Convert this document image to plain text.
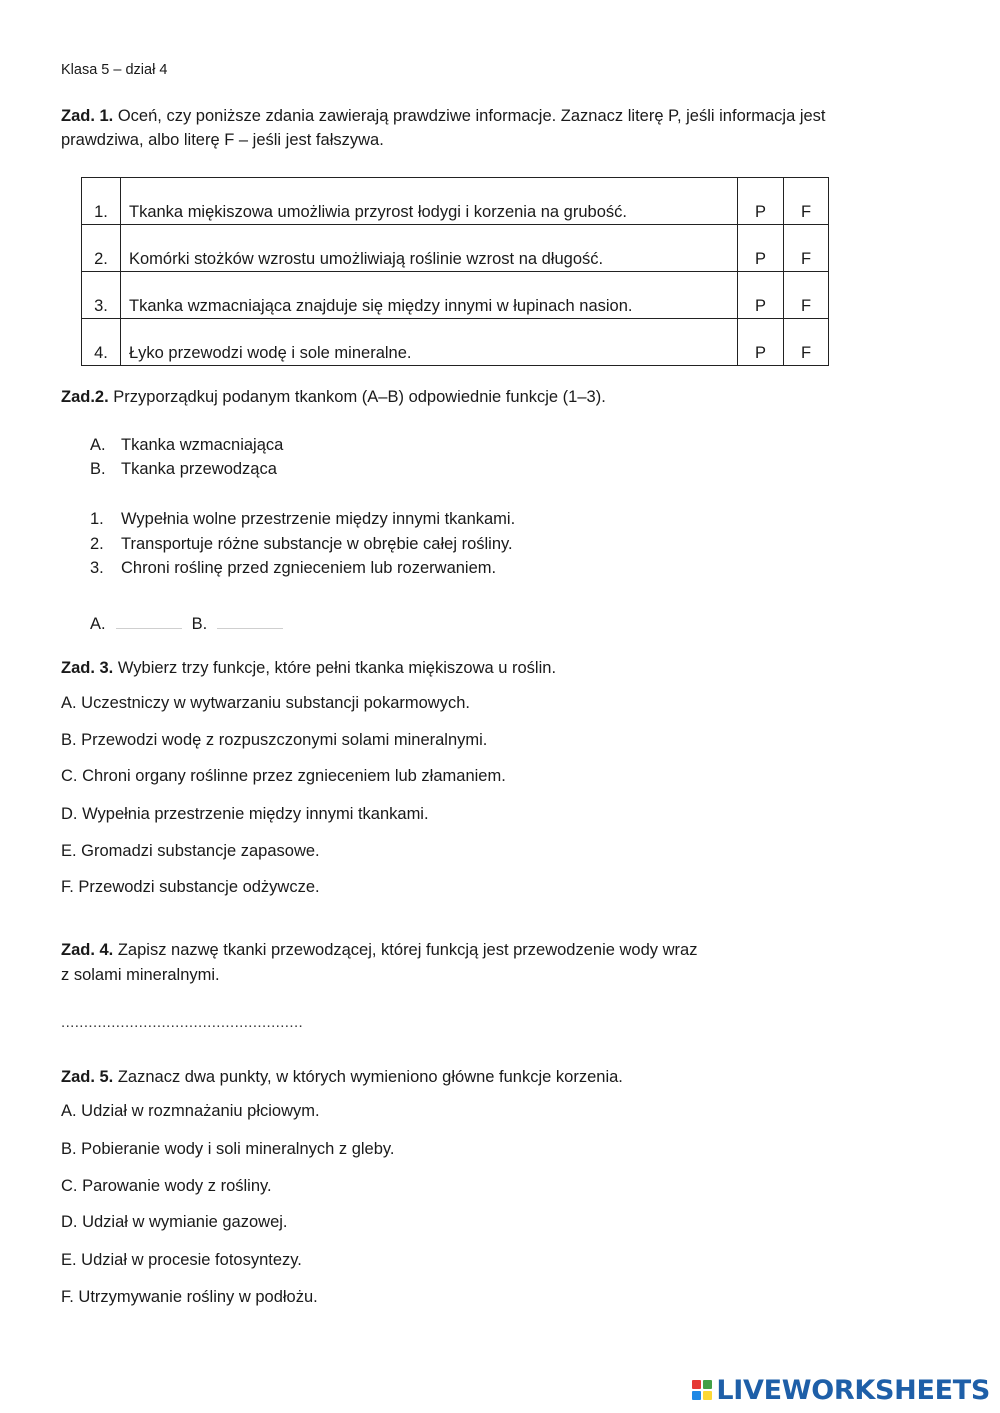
Klasa 5 – dział 4
Zad. 1. Oceń, czy poniższe zdania zawierają prawdziwe informacje. Zaznacz literę P, jeśli informacja jest
prawdziwa, albo literę F – jeśli jest fałszywa.
1.	Tkanka miękiszowa umożliwia przyrost łodygi i korzenia na grubość.	P	F
2.	Komórki stożków wzrostu umożliwiają roślinie wzrost na długość.	P	F
3.	Tkanka wzmacniająca znajduje się między innymi w łupinach nasion.	P	F
4.	Łyko przewodzi wodę i sole mineralne.	P	F
Zad.2. Przyporządkuj podanym tkankom (A–B) odpowiednie funkcje (1–3).
A. Tkanka wzmacniająca
B. Tkanka przewodząca
1. Wypełnia wolne przestrzenie między innymi tkankami.
2. Transportuje różne substancje w obrębie całej rośliny.
3. Chroni roślinę przed zgnieceniem lub rozerwaniem.
A.	B.
Zad. 3. Wybierz trzy funkcje, które pełni tkanka miękiszowa u roślin.
A. Uczestniczy w wytwarzaniu substancji pokarmowych.
B. Przewodzi wodę z rozpuszczonymi solami mineralnymi.
C. Chroni organy roślinne przez zgnieceniem lub złamaniem.
D. Wypełnia przestrzenie między innymi tkankami.
E. Gromadzi substancje zapasowe.
F. Przewodzi substancje odżywcze.
Zad. 4. Zapisz nazwę tkanki przewodzącej, której funkcją jest przewodzenie wody wraz
z solami mineralnymi.
.....................................................
Zad. 5. Zaznacz dwa punkty, w których wymieniono główne funkcje korzenia.
A. Udział w rozmnażaniu płciowym.
B. Pobieranie wody i soli mineralnych z gleby.
C. Parowanie wody z rośliny.
D. Udział w wymianie gazowej.
E. Udział w procesie fotosyntezy.
F. Utrzymywanie rośliny w podłożu.
LIVEWORKSHEETS
